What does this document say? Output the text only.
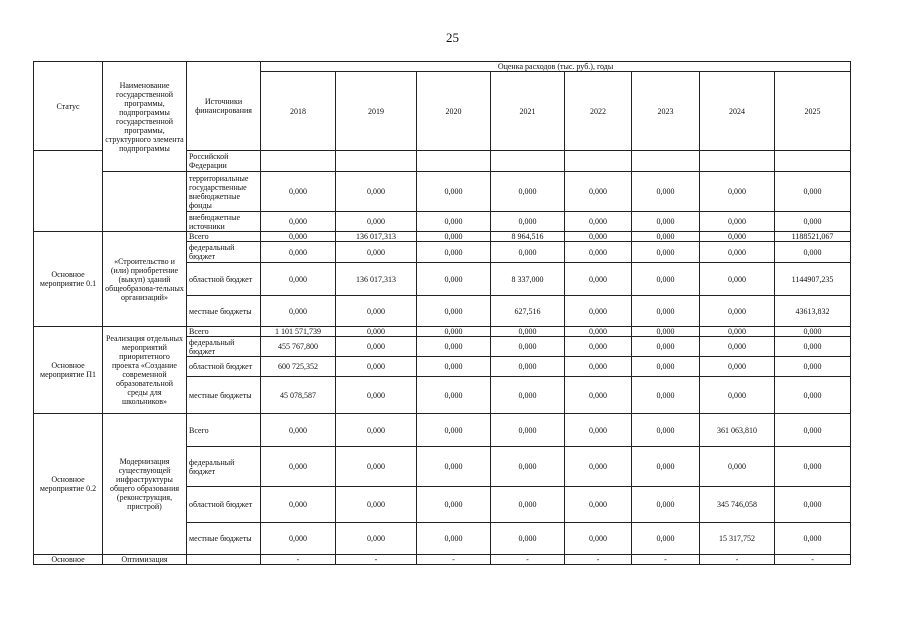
25
Статус	Наименование государственной программы, подпрограммы государственной программы, структурного элемента подпрограммы	Источники финансирования	Оценка расходов (тыс. руб.), годы							
			2018	2019	2020	2021	2022	2023	2024	2025
		Российской Федерации								
		территориальные государственные внебюджетные фонды	0,000	0,000	0,000	0,000	0,000	0,000	0,000	0,000
		внебюджетные источники	0,000	0,000	0,000	0,000	0,000	0,000	0,000	0,000
Основное мероприятие 0.1	«Строительство и (или) приобретение (выкуп) зданий общеобразова-тельных организаций»	Всего	0,000	136 017,313	0,000	8 964,516	0,000	0,000	0,000	1188521,067
		федеральный бюджет	0,000	0,000	0,000	0,000	0,000	0,000	0,000	0,000
		областной бюджет	0,000	136 017,313	0,000	8 337,000	0,000	0,000	0,000	1144907,235
		местные бюджеты	0,000	0,000	0,000	627,516	0,000	0,000	0,000	43613,832
Основное мероприятие П1	Реализация отдельных мероприятий приоритетного проекта «Создание современной образовательной среды для школьников»	Всего	1 101 571,739	0,000	0,000	0,000	0,000	0,000	0,000	0,000
		федеральный бюджет	455 767,800	0,000	0,000	0,000	0,000	0,000	0,000	0,000
		областной бюджет	600 725,352	0,000	0,000	0,000	0,000	0,000	0,000	0,000
		местные бюджеты	45 078,587	0,000	0,000	0,000	0,000	0,000	0,000	0,000
Основное мероприятие 0.2	Модернизация существующей инфраструктуры общего образования (реконструкция, пристрой)	Всего	0,000	0,000	0,000	0,000	0,000	0,000	361 063,810	0,000
		федеральный бюджет	0,000	0,000	0,000	0,000	0,000	0,000	0,000	0,000
		областной бюджет	0,000	0,000	0,000	0,000	0,000	0,000	345 746,058	0,000
		местные бюджеты	0,000	0,000	0,000	0,000	0,000	0,000	15 317,752	0,000
Основное	Оптимизация		-	-	-	-	-	-	-	-
